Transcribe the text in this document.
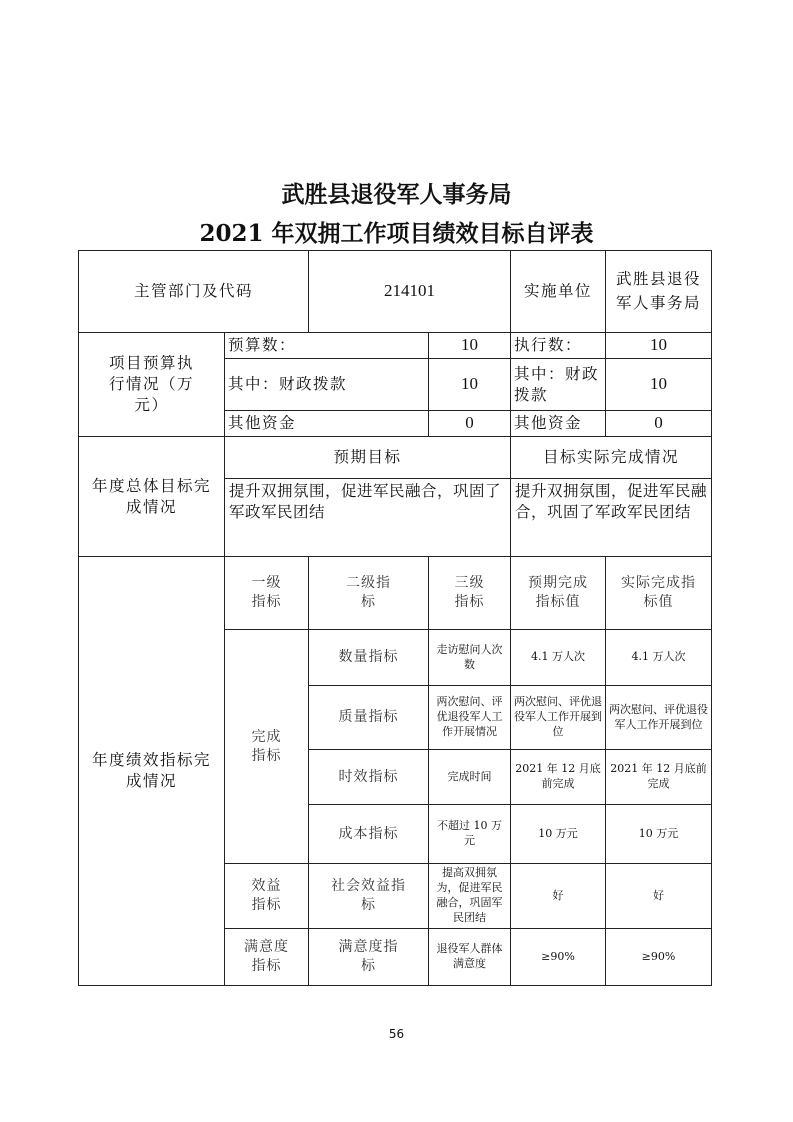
武胜县退役军人事务局
2021 年双拥工作项目绩效目标自评表
主管部门及代码		214101		实施单位	武胜县退役军人事务局
项目预算执行情况（万元）	预算数：		10	执行数：	10
	其中：财政拨款		10	其中：财政拨款	10
	其他资金		0	其他资金	0
年度总体目标完成情况	预期目标			目标实际完成情况	
	提升双拥氛围，促进军民融合，巩固了军政军民团结			提升双拥氛围，促进军民融合，巩固了军政军民团结	
年度绩效指标完成情况	一级指标	二级指标	三级指标	预期完成指标值	实际完成指标值
	完成指标	数量指标	走访慰问人次数	4.1 万人次	4.1 万人次
		质量指标	两次慰问、评优退役军人工作开展情况	两次慰问、评优退役军人工作开展到位	两次慰问、评优退役军人工作开展到位
		时效指标	完成时间	2021 年 12 月底前完成	2021 年 12 月底前完成
		成本指标	不超过 10 万元	10 万元	10 万元
	效益指标	社会效益指标	提高双拥氛为，促进军民融合，巩固军民团结	好	好
	满意度指标	满意度指标	退役军人群体满意度	≥90%	≥90%
56
